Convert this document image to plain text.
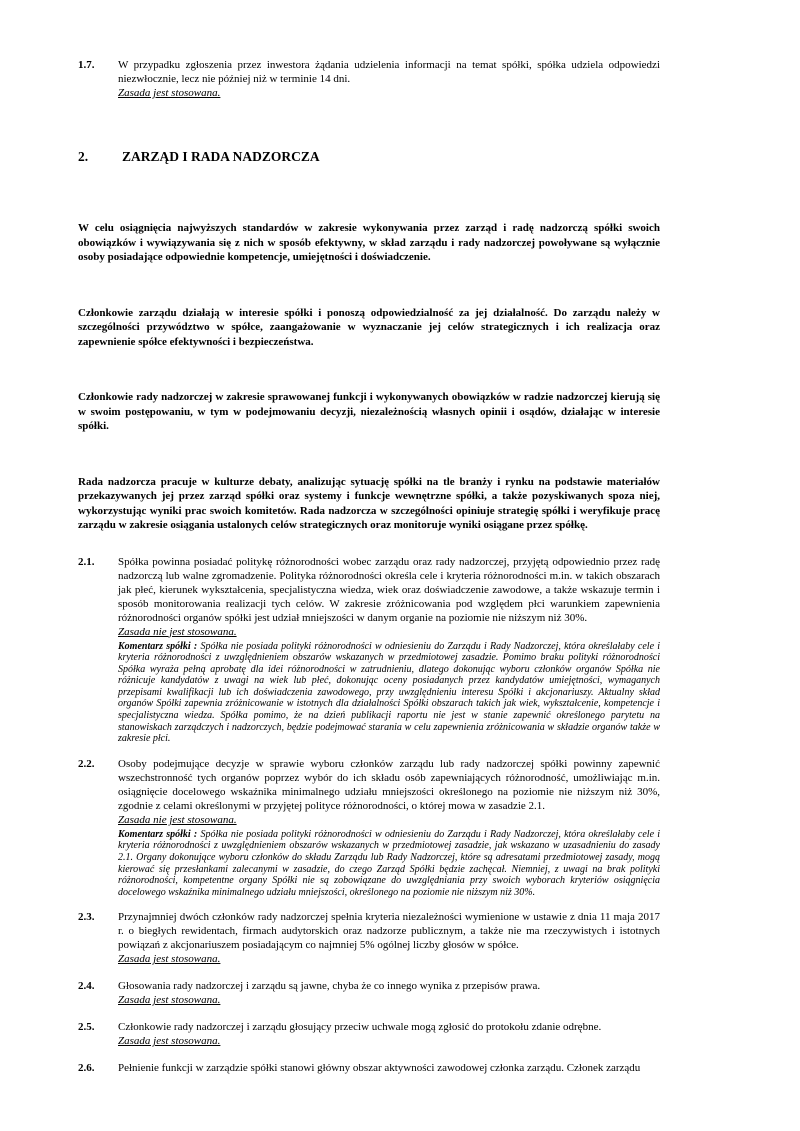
1.7.	W przypadku zgłoszenia przez inwestora żądania udzielenia informacji na temat spółki, spółka udziela odpowiedzi niezwłocznie, lecz nie później niż w terminie 14 dni.

Zasada jest stosowana.

2.	ZARZĄD I RADA NADZORCZA

W celu osiągnięcia najwyższych standardów w zakresie wykonywania przez zarząd i radę nadzorczą spółki swoich obowiązków i wywiązywania się z nich w sposób efektywny, w skład zarządu i rady nadzorczej powoływane są wyłącznie osoby posiadające odpowiednie kompetencje, umiejętności i doświadczenie.

Członkowie zarządu działają w interesie spółki i ponoszą odpowiedzialność za jej działalność. Do zarządu należy w szczególności przywództwo w spółce, zaangażowanie w wyznaczanie jej celów strategicznych i ich realizacja oraz zapewnienie spółce efektywności i bezpieczeństwa.

Członkowie rady nadzorczej w zakresie sprawowanej funkcji i wykonywanych obowiązków w radzie nadzorczej kierują się w swoim postępowaniu, w tym w podejmowaniu decyzji, niezależnością własnych opinii i osądów, działając w interesie spółki.

Rada nadzorcza pracuje w kulturze debaty, analizując sytuację spółki na tle branży i rynku na podstawie materiałów przekazywanych jej przez zarząd spółki oraz systemy i funkcje wewnętrzne spółki, a także pozyskiwanych spoza niej, wykorzystując wyniki prac swoich komitetów. Rada nadzorcza w szczególności opiniuje strategię spółki i weryfikuje pracę zarządu w zakresie osiągania ustalonych celów strategicznych oraz monitoruje wyniki osiągane przez spółkę.

2.1.	Spółka powinna posiadać politykę różnorodności wobec zarządu oraz rady nadzorczej, przyjętą odpowiednio przez radę nadzorczą lub walne zgromadzenie. Polityka różnorodności określa cele i kryteria różnorodności m.in. w takich obszarach jak płeć, kierunek wykształcenia, specjalistyczna wiedza, wiek oraz doświadczenie zawodowe, a także wskazuje termin i sposób monitorowania realizacji tych celów. W zakresie zróżnicowania pod względem płci warunkiem zapewnienia różnorodności organów spółki jest udział mniejszości w danym organie na poziomie nie niższym niż 30%.

Zasada nie jest stosowana.

Komentarz spółki : Spółka nie posiada polityki różnorodności w odniesieniu do Zarządu i Rady Nadzorczej, która określałaby cele i kryteria różnorodności z uwzględnieniem obszarów wskazanych w przedmiotowej zasadzie. Pomimo braku polityki różnorodności Spółka wyraża pełną aprobatę dla idei różnorodności w zatrudnieniu, dlatego dokonując wyboru członków organów Spółka nie różnicuje kandydatów z uwagi na wiek lub płeć, dokonując oceny posiadanych przez kandydatów umiejętności, wymaganych przepisami kwalifikacji lub ich doświadczenia zawodowego, przy uwzględnieniu interesu Spółki i akcjonariuszy. Aktualny skład organów Spółki zapewnia zróżnicowanie w istotnych dla działalności Spółki obszarach takich jak wiek, wykształcenie, kompetencje i specjalistyczna wiedza. Spółka pomimo, że na dzień publikacji raportu nie jest w stanie zapewnić określonego parytetu na stanowiskach zarządczych i nadzorczych, będzie podejmować starania w celu zapewnienia zróżnicowania w składzie organów także w zakresie płci.

2.2.	Osoby podejmujące decyzje w sprawie wyboru członków zarządu lub rady nadzorczej spółki powinny zapewnić wszechstronność tych organów poprzez wybór do ich składu osób zapewniających różnorodność, umożliwiając m.in. osiągnięcie docelowego wskaźnika minimalnego udziału mniejszości określonego na poziomie nie niższym niż 30%, zgodnie z celami określonymi w przyjętej polityce różnorodności, o której mowa w zasadzie 2.1.

Zasada nie jest stosowana.

Komentarz spółki : Spółka nie posiada polityki różnorodności w odniesieniu do Zarządu i Rady Nadzorczej, która określałaby cele i kryteria różnorodności z uwzględnieniem obszarów wskazanych w przedmiotowej zasadzie, jak wskazano w uzasadnieniu do zasady 2.1. Organy dokonujące wyboru członków do składu Zarządu lub Rady Nadzorczej, które są adresatami przedmiotowej zasady, mogą kierować się przesłankami zalecanymi w zasadzie, do czego Zarząd Spółki będzie zachęcał. Niemniej, z uwagi na brak polityki różnorodności, kompetentne organy Spółki nie są zobowiązane do uwzględniania przy swoich wyborach kryteriów osiągnięcia docelowego wskaźnika minimalnego udziału mniejszości, określonego na poziomie nie niższym niż 30%.

2.3.	Przynajmniej dwóch członków rady nadzorczej spełnia kryteria niezależności wymienione w ustawie z dnia 11 maja 2017 r. o biegłych rewidentach, firmach audytorskich oraz nadzorze publicznym, a także nie ma rzeczywistych i istotnych powiązań z akcjonariuszem posiadającym co najmniej 5% ogólnej liczby głosów w spółce.

Zasada jest stosowana.

2.4.	Głosowania rady nadzorczej i zarządu są jawne, chyba że co innego wynika z przepisów prawa.

Zasada jest stosowana.

2.5.	Członkowie rady nadzorczej i zarządu głosujący przeciw uchwale mogą zgłosić do protokołu zdanie odrębne.

Zasada jest stosowana.

2.6.	Pełnienie funkcji w zarządzie spółki stanowi główny obszar aktywności zawodowej członka zarządu. Członek zarządu
